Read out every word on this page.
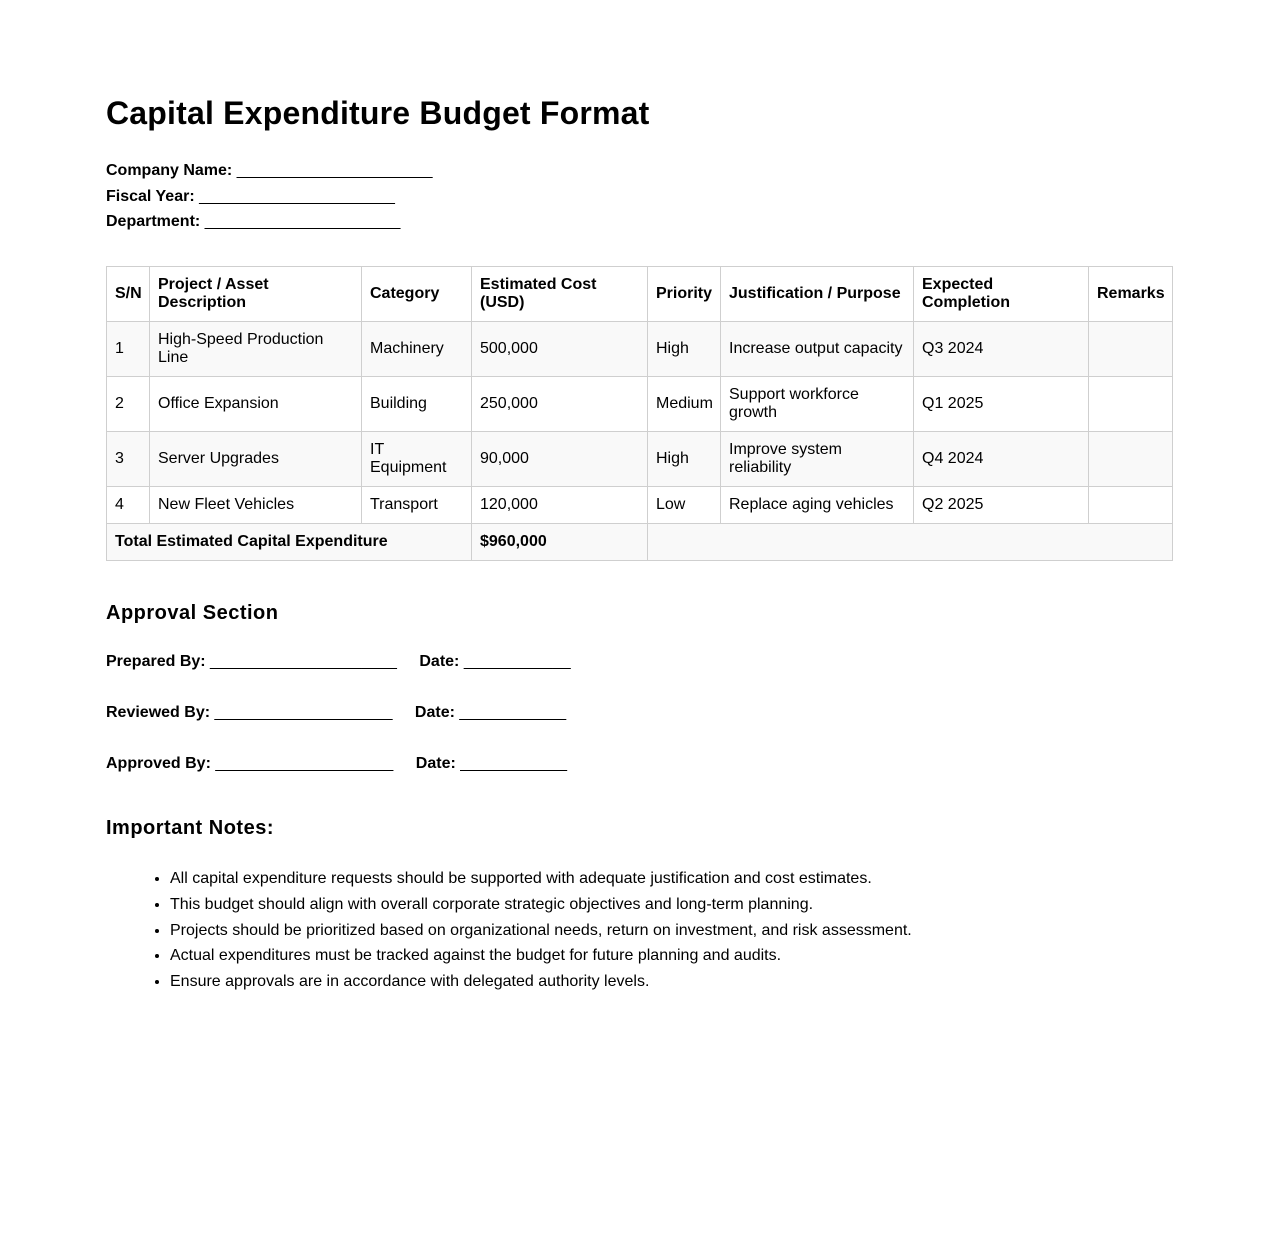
Capital Expenditure Budget Format
Company Name: ______________________
Fiscal Year: ______________________
Department: ______________________
S/N	Project / Asset Description	Category	Estimated Cost (USD)	Priority	Justification / Purpose	Expected Completion	Remarks
1	High-Speed Production Line	Machinery	500,000	High	Increase output capacity	Q3 2024	
2	Office Expansion	Building	250,000	Medium	Support workforce growth	Q1 2025	
3	Server Upgrades	IT Equipment	90,000	High	Improve system reliability	Q4 2024	
4	New Fleet Vehicles	Transport	120,000	Low	Replace aging vehicles	Q2 2025	
Total Estimated Capital Expenditure			$960,000				
Approval Section
Prepared By: _____________________ Date: ____________
Reviewed By: ____________________ Date: ____________
Approved By: ____________________ Date: ____________
Important Notes:
• All capital expenditure requests should be supported with adequate justification and cost estimates.
• This budget should align with overall corporate strategic objectives and long-term planning.
• Projects should be prioritized based on organizational needs, return on investment, and risk assessment.
• Actual expenditures must be tracked against the budget for future planning and audits.
• Ensure approvals are in accordance with delegated authority levels.
